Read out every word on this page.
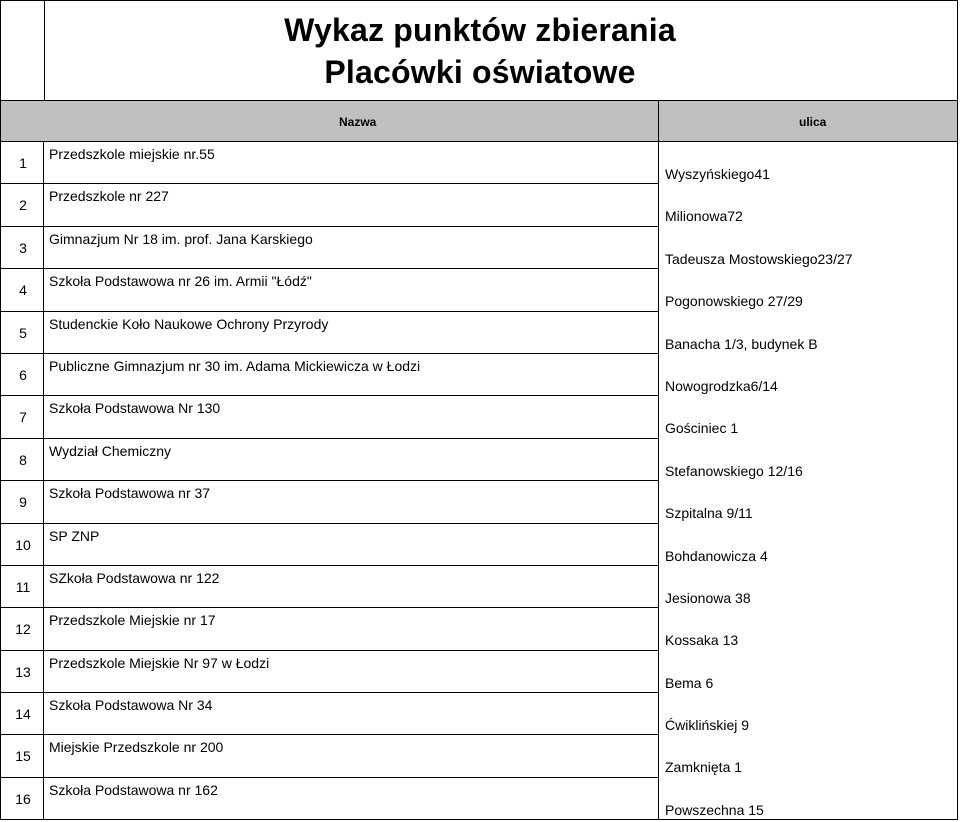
Wykaz punktów zbierania
Placówki oświatowe
Nazwa	ulica
1
Przedszkole miejskie nr.55
Wyszyńskiego41
2
Przedszkole nr 227
Milionowa72
3
Gimnazjum Nr 18 im. prof. Jana Karskiego
Tadeusza Mostowskiego23/27
4
Szkoła Podstawowa nr 26 im. Armii "Łódź"
Pogonowskiego 27/29
5
Studenckie Koło Naukowe Ochrony Przyrody
Banacha 1/3, budynek B
6
Publiczne Gimnazjum nr 30 im. Adama Mickiewicza w Łodzi
Nowogrodzka6/14
7
Szkoła Podstawowa Nr 130
Gościniec 1
8
Wydział Chemiczny
Stefanowskiego 12/16
9
Szkoła Podstawowa nr 37
Szpitalna 9/11
10
SP ZNP
Bohdanowicza 4
11
SZkoła Podstawowa nr 122
Jesionowa 38
12
Przedszkole Miejskie nr 17
Kossaka 13
13
Przedszkole Miejskie Nr 97 w Łodzi
Bema 6
14
Szkoła Podstawowa Nr 34
Ćwiklińskiej 9
15
Miejskie Przedszkole nr 200
Zamknięta 1
16
Szkoła Podstawowa nr 162
Powszechna 15
